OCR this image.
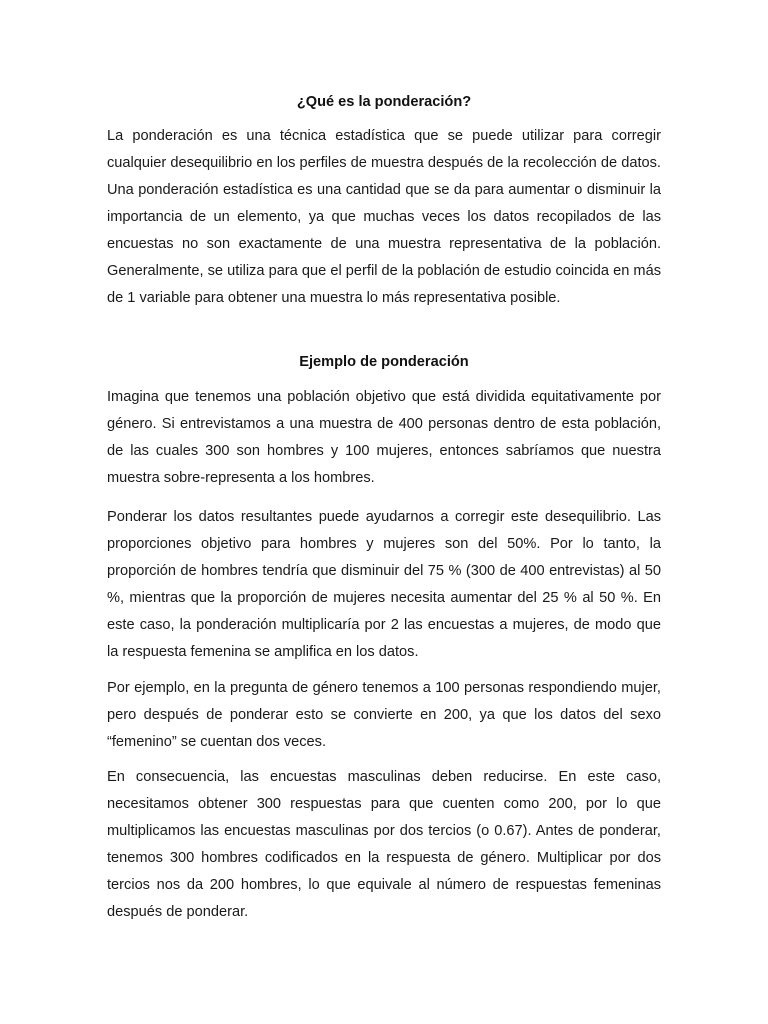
¿Qué es la ponderación?

La ponderación es una técnica estadística que se puede utilizar para corregir cualquier desequilibrio en los perfiles de muestra después de la recolección de datos. Una ponderación estadística es una cantidad que se da para aumentar o disminuir la importancia de un elemento, ya que muchas veces los datos recopilados de las encuestas no son exactamente de una muestra representativa de la población. Generalmente, se utiliza para que el perfil de la población de estudio coincida en más de 1 variable para obtener una muestra lo más representativa posible.

Ejemplo de ponderación

Imagina que tenemos una población objetivo que está dividida equitativamente por género. Si entrevistamos a una muestra de 400 personas dentro de esta población, de las cuales 300 son hombres y 100 mujeres, entonces sabríamos que nuestra muestra sobre-representa a los hombres.

Ponderar los datos resultantes puede ayudarnos a corregir este desequilibrio. Las proporciones objetivo para hombres y mujeres son del 50%. Por lo tanto, la proporción de hombres tendría que disminuir del 75 % (300 de 400 entrevistas) al 50 %, mientras que la proporción de mujeres necesita aumentar del 25 % al 50 %. En este caso, la ponderación multiplicaría por 2 las encuestas a mujeres, de modo que la respuesta femenina se amplifica en los datos.

Por ejemplo, en la pregunta de género tenemos a 100 personas respondiendo mujer, pero después de ponderar esto se convierte en 200, ya que los datos del sexo “femenino” se cuentan dos veces.

En consecuencia, las encuestas masculinas deben reducirse. En este caso, necesitamos obtener 300 respuestas para que cuenten como 200, por lo que multiplicamos las encuestas masculinas por dos tercios (o 0.67). Antes de ponderar, tenemos 300 hombres codificados en la respuesta de género. Multiplicar por dos tercios nos da 200 hombres, lo que equivale al número de respuestas femeninas después de ponderar.
